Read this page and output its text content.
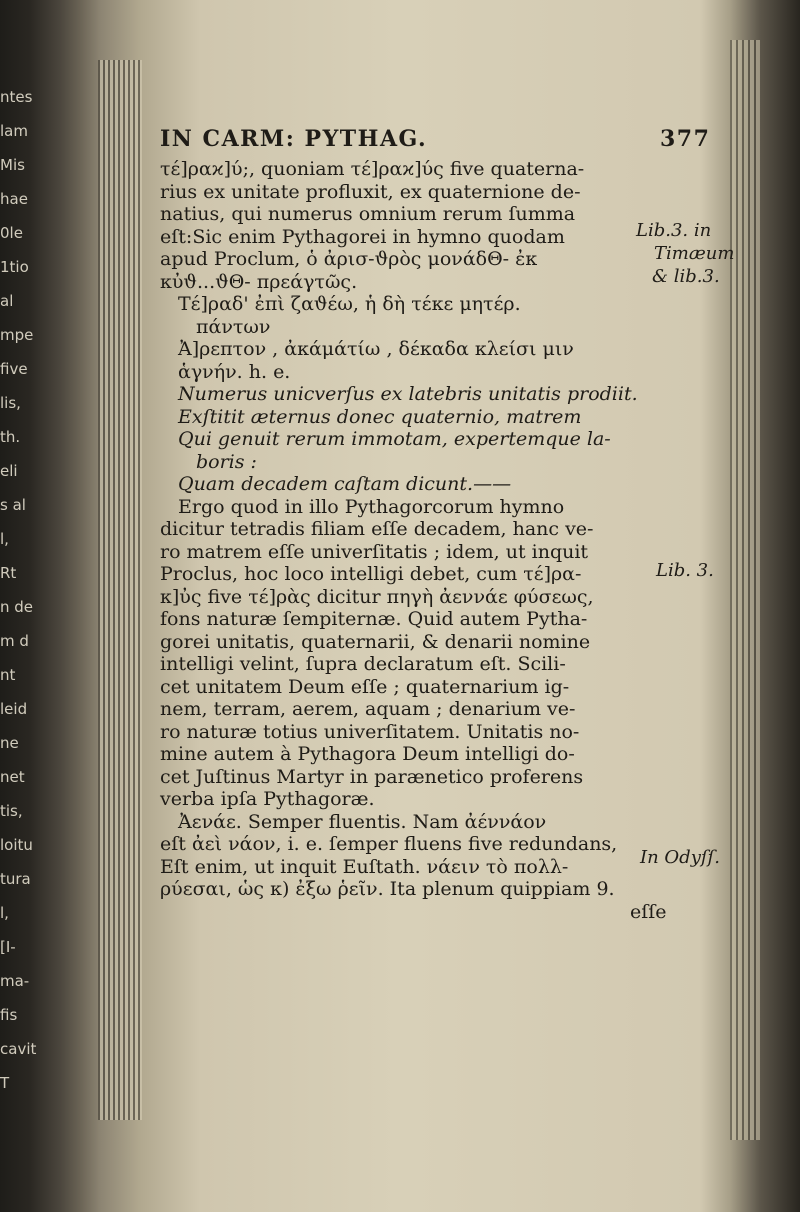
ntes
lam
Mis
hae
0le
1tio
al
mpe
five
lis,
th.
eli
s al
l,
Rt
n de
m d
nt
leid
ne
net
tis,
loitu
tura
l,
[I-
ma-
fis
cavit
T
IN CARM: PYTHAG.	377
τέ]ραϰ]ύ;, quoniam τέ]ραϰ]ύς five quaterna-
rius ex unitate profluxit, ex quaternione de-
natius, qui numerus omnium rerum ſumma
eſt:Sic enim Pythagorei in hymno quodam
apud Proclum, ὁ ἀρισ-ϑρὸς μονάδΘ- ἐκ
κὐϑ...ϑΘ- πρεάγτῶς.
Τέ]ραδ' ἐπὶ ζαϑέω, ἡ δὴ τέκε μητέρ.
πάντων
Ἀ]ρεπτον , ἀκάμάτίω , δέκαδα κλείσι μιν
ἁγνήν. h. e.
Numerus unicverſus ex latebris unitatis prodiit.
Exſtitit æternus donec quaternio, matrem
Qui genuit rerum immotam, expertemque la-
boris :
Quam decadem caſtam dicunt.——
Ergo quod in illo Pythagorcorum hymno
dicitur tetradis filiam eſſe decadem, hanc ve-
ro matrem eſſe univerſitatis ; idem, ut inquit
Proclus, hoc loco intelligi debet, cum τέ]ρα-
κ]ὐς five τέ]ρὰς dicitur πηγὴ ἀεννάε φύσεως,
fons naturæ ſempiternæ. Quid autem Pytha-
gorei unitatis, quaternarii, & denarii nomine
intelligi velint, ſupra declaratum eſt. Scili-
cet unitatem Deum eſſe ; quaternarium ig-
nem, terram, aerem, aquam ; denarium ve-
ro naturæ totius univerſitatem. Unitatis no-
mine autem à Pythagora Deum intelligi do-
cet Juſtinus Martyr in parænetico proferens
verba ipſa Pythagoræ.
Ἀενάε. Semper fluentis. Nam ἀέννάον
eſt ἀεὶ νάον, i. e. ſemper fluens five redundans,
Eſt enim, ut inquit Euſtath. νάειν τὸ πολλ-
ρύεσαι, ὡς κ) ἐξω ῥεῖν. Ita plenum quippiam 9.
eſſe
Lib.3. in
Timæum
& lib.3.
Lib. 3.
In Odyſſ.
